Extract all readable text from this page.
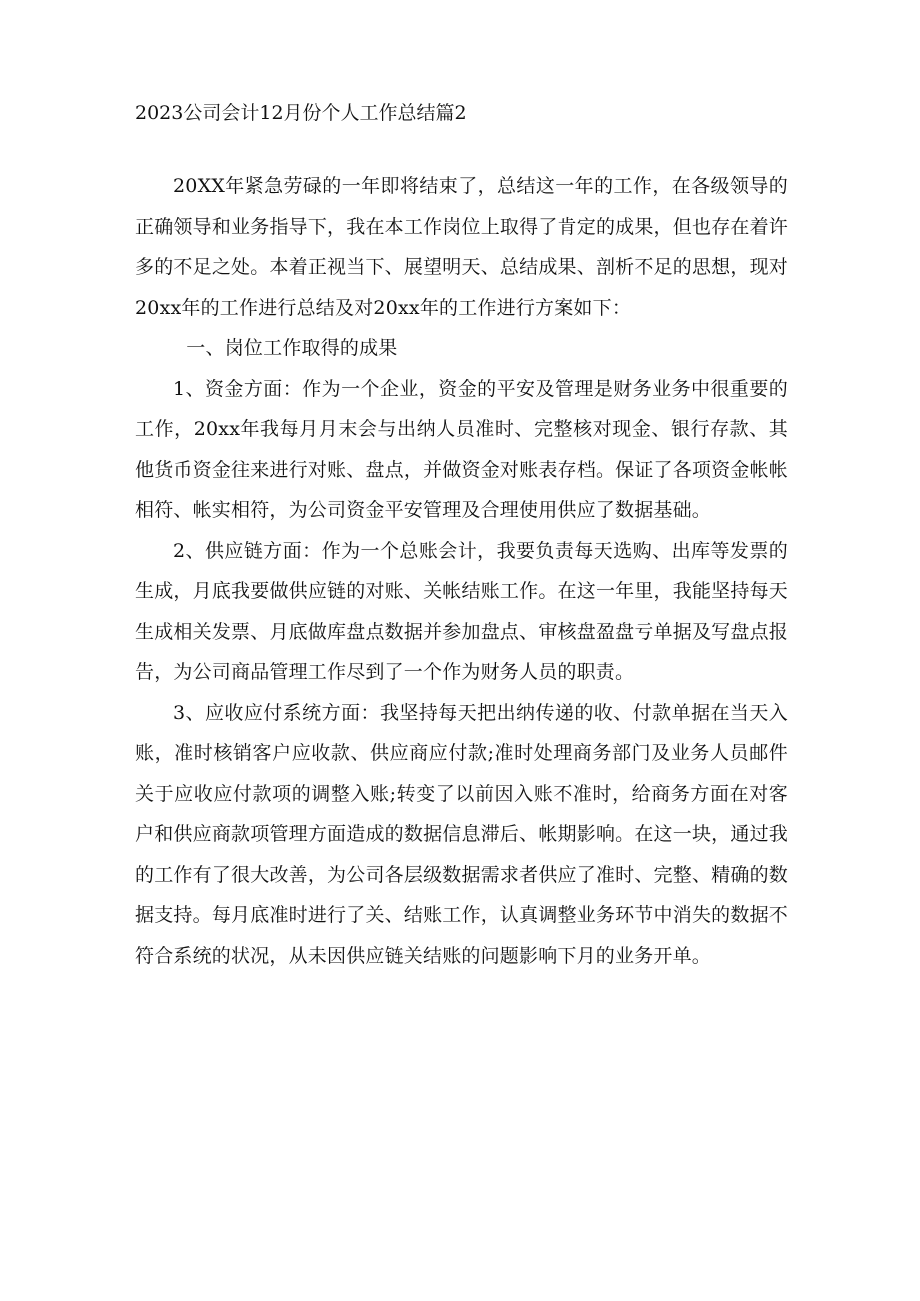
2023公司会计12月份个人工作总结篇2

20XX年紧急劳碌的一年即将结束了，总结这一年的工作，在各级领导的正确领导和业务指导下，我在本工作岗位上取得了肯定的成果，但也存在着许多的不足之处。本着正视当下、展望明天、总结成果、剖析不足的思想，现对20xx年的工作进行总结及对20xx年的工作进行方案如下：

一、岗位工作取得的成果

1、资金方面：作为一个企业，资金的平安及管理是财务业务中很重要的工作，20xx年我每月月末会与出纳人员准时、完整核对现金、银行存款、其他货币资金往来进行对账、盘点，并做资金对账表存档。保证了各项资金帐帐相符、帐实相符，为公司资金平安管理及合理使用供应了数据基础。

2、供应链方面：作为一个总账会计，我要负责每天选购、出库等发票的生成，月底我要做供应链的对账、关帐结账工作。在这一年里，我能坚持每天生成相关发票、月底做库盘点数据并参加盘点、审核盘盈盘亏单据及写盘点报告，为公司商品管理工作尽到了一个作为财务人员的职责。

3、应收应付系统方面：我坚持每天把出纳传递的收、付款单据在当天入账，准时核销客户应收款、供应商应付款;准时处理商务部门及业务人员邮件关于应收应付款项的调整入账;转变了以前因入账不准时，给商务方面在对客户和供应商款项管理方面造成的数据信息滞后、帐期影响。在这一块，通过我的工作有了很大改善，为公司各层级数据需求者供应了准时、完整、精确的数据支持。每月底准时进行了关、结账工作，认真调整业务环节中消失的数据不符合系统的状况，从未因供应链关结账的问题影响下月的业务开单。
